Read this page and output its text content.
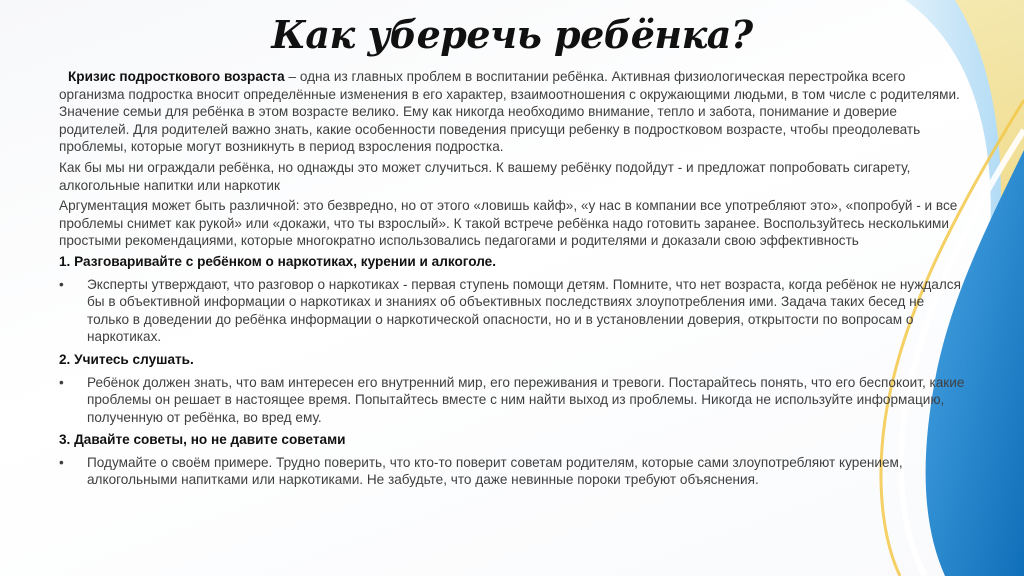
Как уберечь ребёнка?

Кризис подросткового возраста – одна из главных проблем в воспитании ребёнка. Активная физиологическая перестройка всего организма подростка вносит определённые изменения в его характер, взаимоотношения с окружающими людьми, в том числе с родителями. Значение семьи для ребёнка в этом возрасте велико. Ему как никогда необходимо внимание, тепло и забота, понимание и доверие родителей. Для родителей важно знать, какие особенности поведения присущи ребенку в подростковом возрасте, чтобы преодолевать проблемы, которые могут возникнуть в период взросления подростка.

Как бы мы ни ограждали ребёнка, но однажды это может случиться. К вашему ребёнку подойдут - и предложат попробовать сигарету, алкогольные напитки или наркотик

Аргументация может быть различной: это безвредно, но от этого «ловишь кайф», «у нас в компании все употребляют это», «попробуй - и все проблемы снимет как рукой» или «докажи, что ты взрослый». К такой встрече ребёнка надо готовить заранее. Воспользуйтесь несколькими простыми рекомендациями, которые многократно использовались педагогами и родителями и доказали свою эффективность

1. Разговаривайте с ребёнком о наркотиках, курении и алкоголе.
• Эксперты утверждают, что разговор о наркотиках - первая ступень помощи детям. Помните, что нет возраста, когда ребёнок не нуждался бы в объективной информации о наркотиках и знаниях об объективных последствиях злоупотребления ими. Задача таких бесед не только в доведении до ребёнка информации о наркотической опасности, но и в установлении доверия, открытости по вопросам о наркотиках.
2. Учитесь слушать.
• Ребёнок должен знать, что вам интересен его внутренний мир, его переживания и тревоги. Постарайтесь понять, что его беспокоит, какие проблемы он решает в настоящее время. Попытайтесь вместе с ним найти выход из проблемы. Никогда не используйте информацию, полученную от ребёнка, во вред ему.
3. Давайте советы, но не давите советами
• Подумайте о своём примере. Трудно поверить, что кто-то поверит советам родителям, которые сами злоупотребляют курением, алкогольными напитками или наркотиками. Не забудьте, что даже невинные пороки требуют объяснения.
